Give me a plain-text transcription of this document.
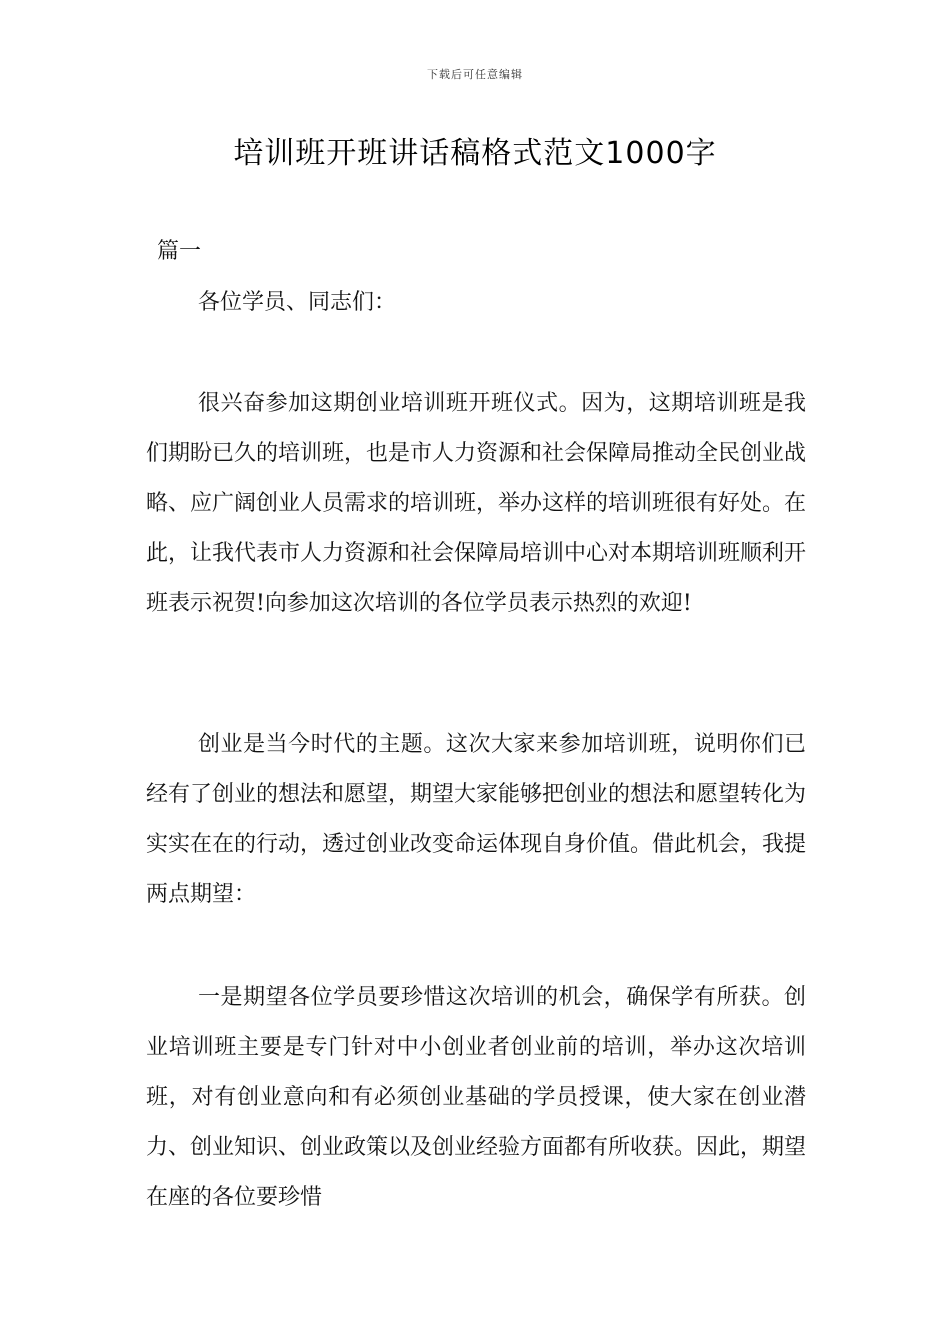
下载后可任意编辑
培训班开班讲话稿格式范文1000字
篇一
各位学员、同志们：

很兴奋参加这期创业培训班开班仪式。因为，这期培训班是我们期盼已久的培训班，也是市人力资源和社会保障局推动全民创业战略、应广阔创业人员需求的培训班，举办这样的培训班很有好处。在此，让我代表市人力资源和社会保障局培训中心对本期培训班顺利开班表示祝贺!向参加这次培训的各位学员表示热烈的欢迎!

创业是当今时代的主题。这次大家来参加培训班，说明你们已经有了创业的想法和愿望，期望大家能够把创业的想法和愿望转化为实实在在的行动，透过创业改变命运体现自身价值。借此机会，我提两点期望：

一是期望各位学员要珍惜这次培训的机会，确保学有所获。创业培训班主要是专门针对中小创业者创业前的培训，举办这次培训班，对有创业意向和有必须创业基础的学员授课，使大家在创业潜力、创业知识、创业政策以及创业经验方面都有所收获。因此，期望在座的各位要珍惜
